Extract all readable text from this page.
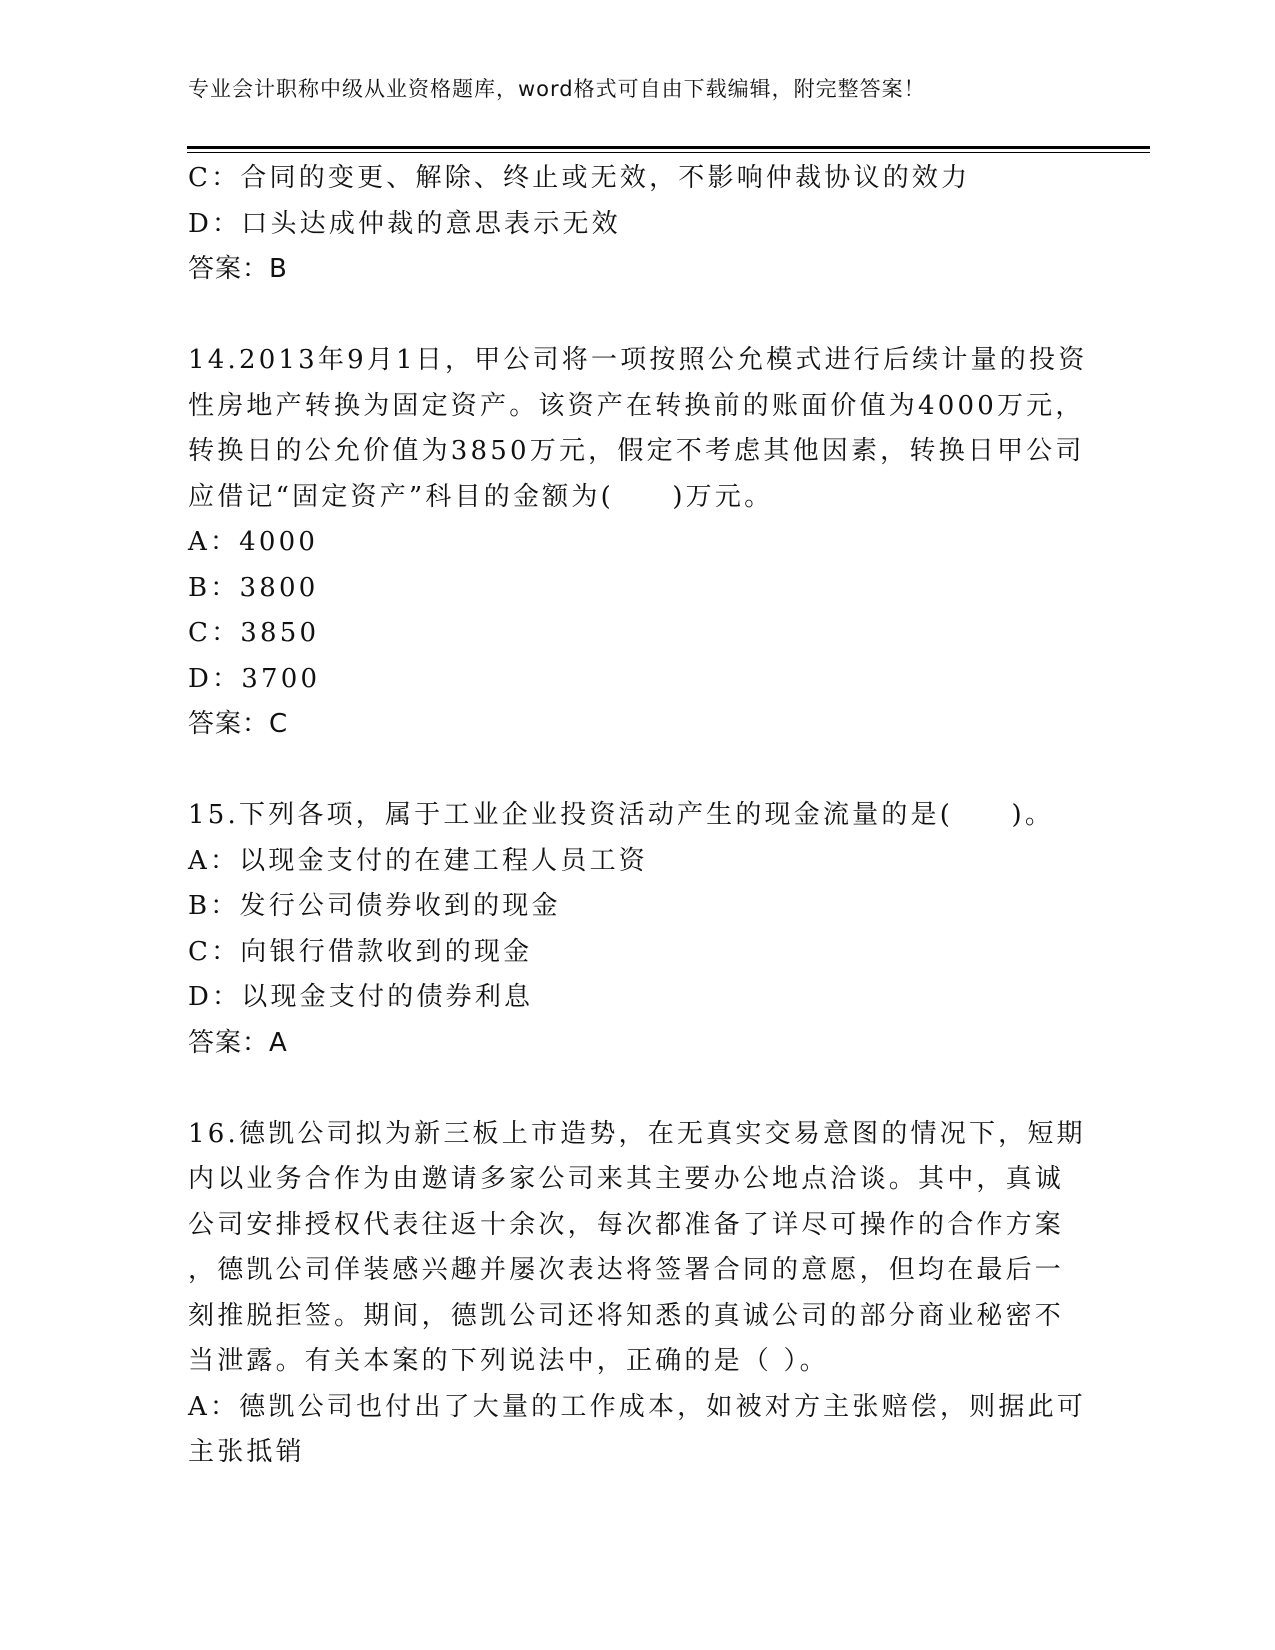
专业会计职称中级从业资格题库，word格式可自由下载编辑，附完整答案！
C：合同的变更、解除、终止或无效，不影响仲裁协议的效力
D：口头达成仲裁的意思表示无效
答案：B
14.2013年9月1日，甲公司将一项按照公允模式进行后续计量的投资
性房地产转换为固定资产。该资产在转换前的账面价值为4000万元，
转换日的公允价值为3850万元，假定不考虑其他因素，转换日甲公司
应借记“固定资产”科目的金额为(　　)万元。
A：4000
B：3800
C：3850
D：3700
答案：C
15.下列各项，属于工业企业投资活动产生的现金流量的是(　　)。
A：以现金支付的在建工程人员工资
B：发行公司债券收到的现金
C：向银行借款收到的现金
D：以现金支付的债券利息
答案：A
16.德凯公司拟为新三板上市造势，在无真实交易意图的情况下，短期
内以业务合作为由邀请多家公司来其主要办公地点洽谈。其中，真诚
公司安排授权代表往返十余次，每次都准备了详尽可操作的合作方案
，德凯公司佯装感兴趣并屡次表达将签署合同的意愿，但均在最后一
刻推脱拒签。期间，德凯公司还将知悉的真诚公司的部分商业秘密不
当泄露。有关本案的下列说法中，正确的是（ ）。
A：德凯公司也付出了大量的工作成本，如被对方主张赔偿，则据此可
主张抵销
